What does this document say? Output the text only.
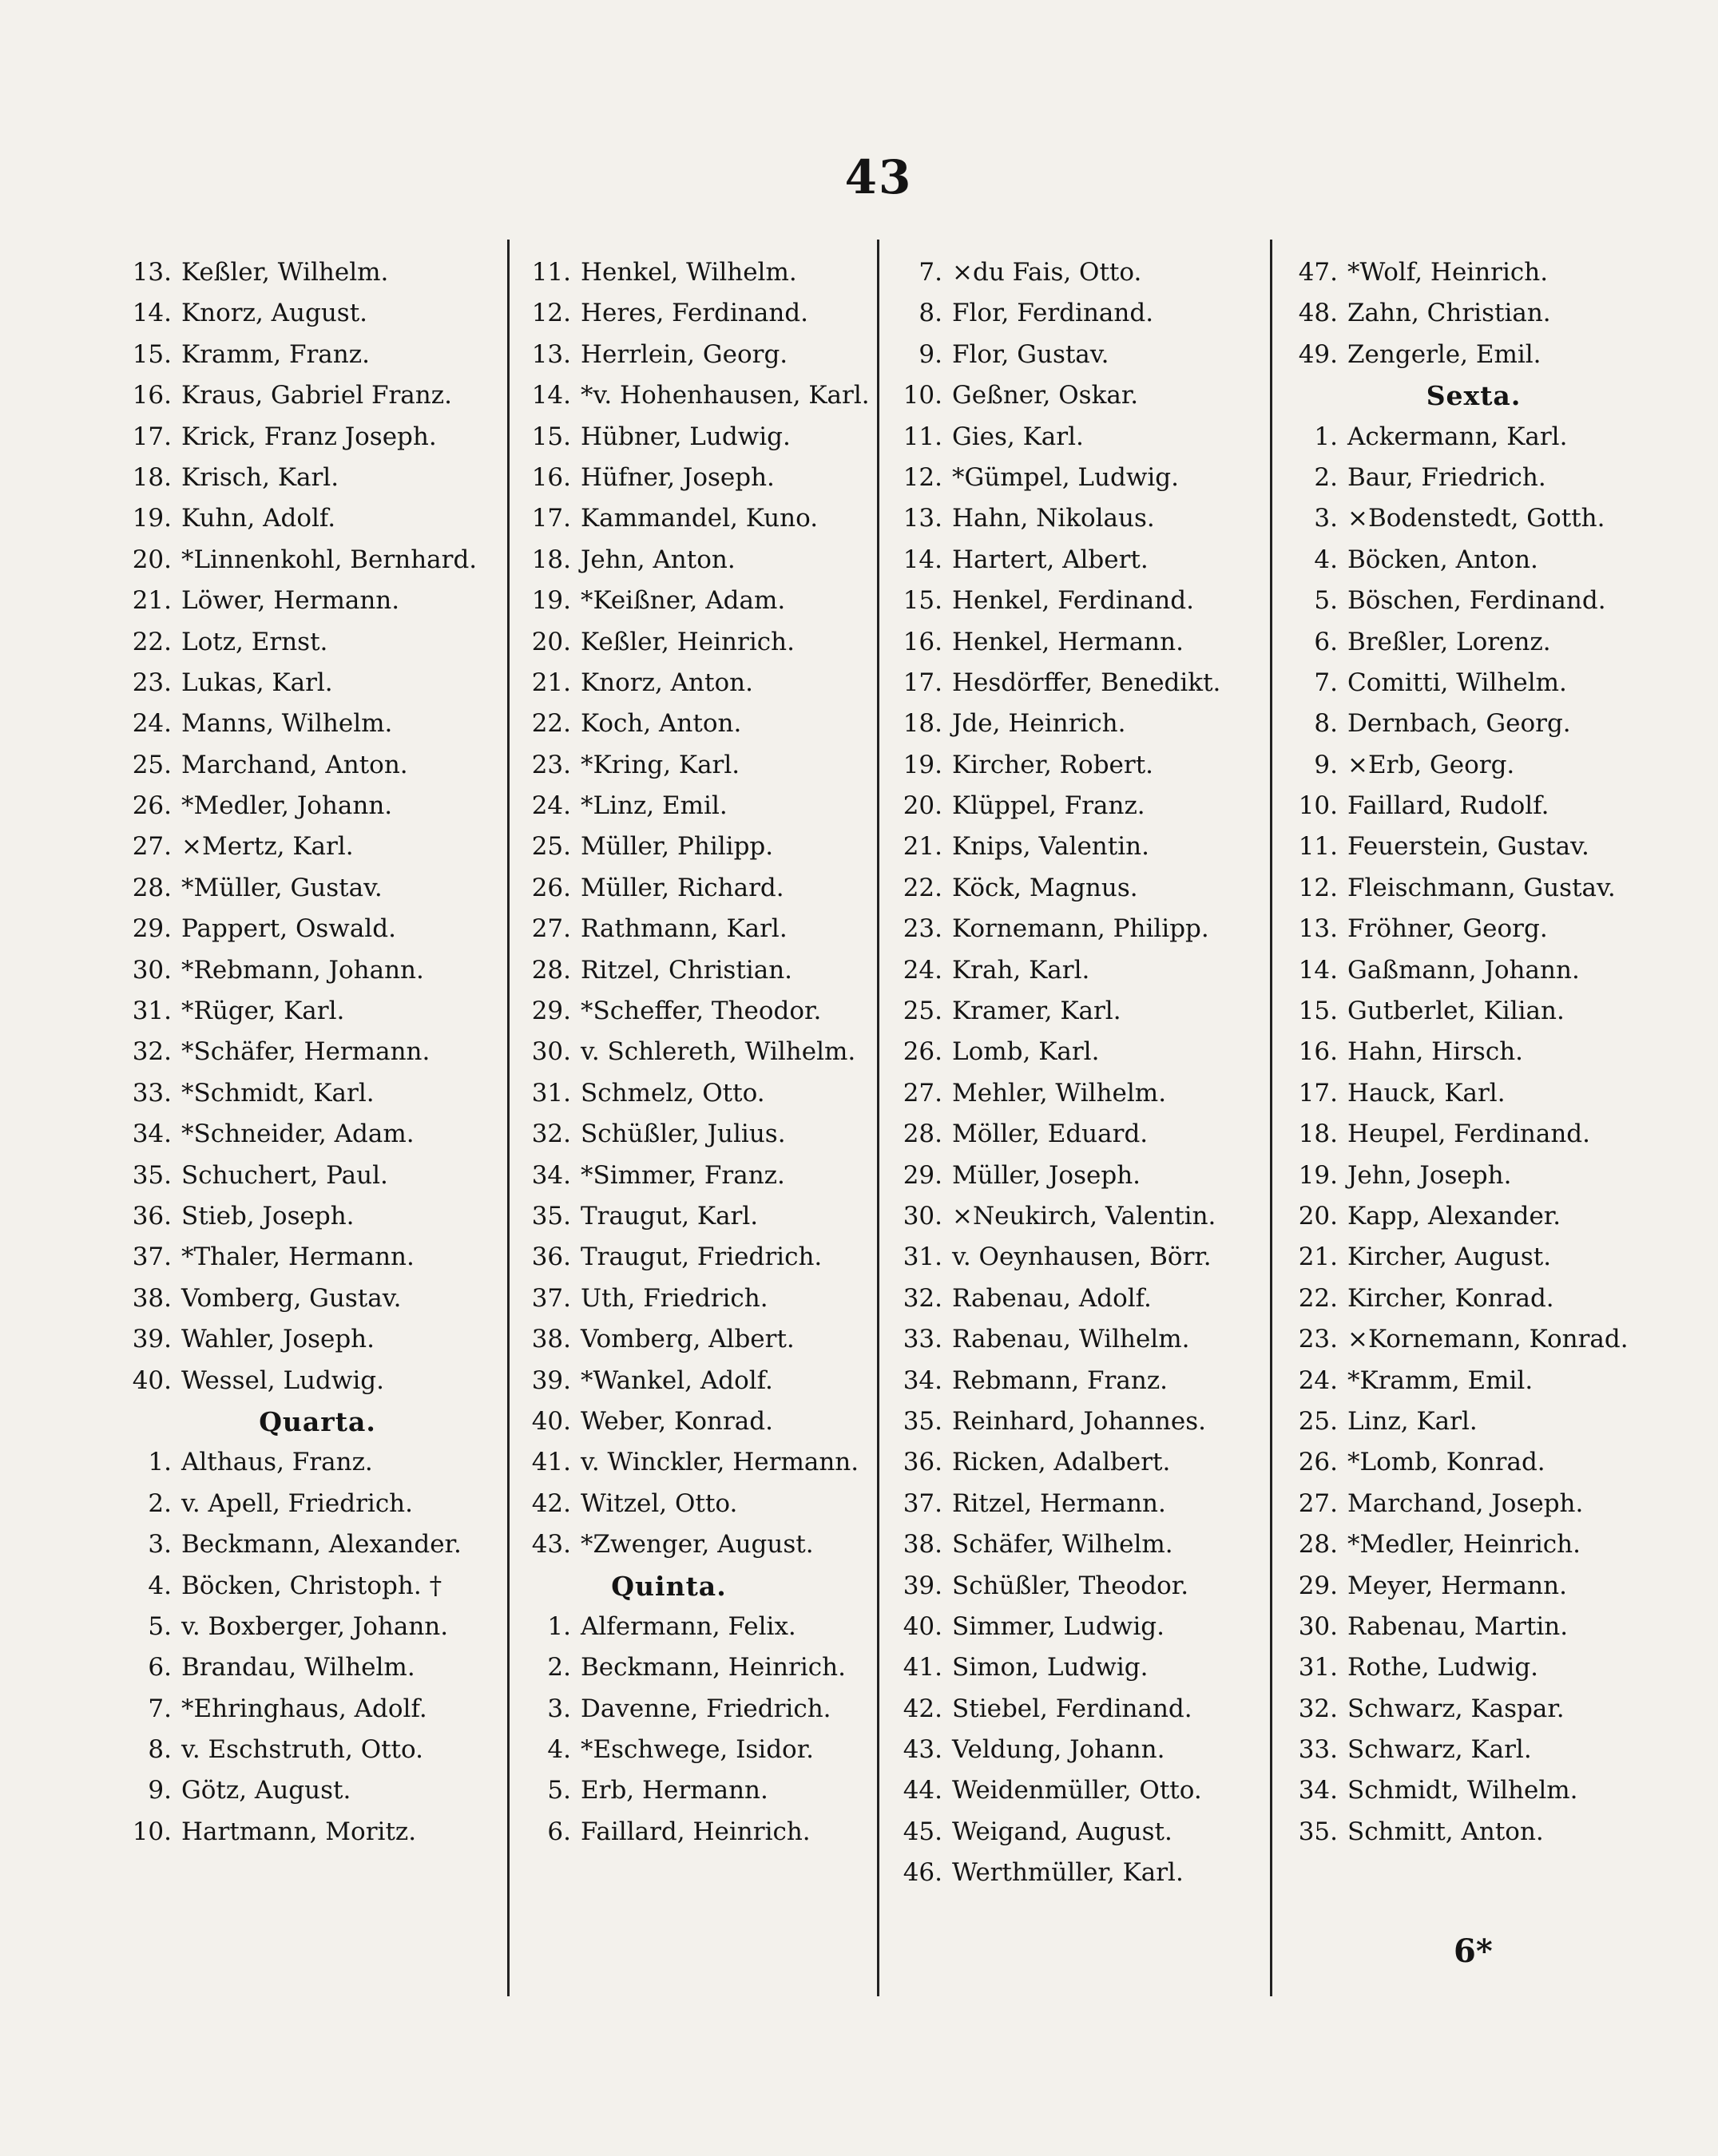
43
13. Keßler, Wilhelm.
14. Knorz, August.
15. Kramm, Franz.
16. Kraus, Gabriel Franz.
17. Krick, Franz Joseph.
18. Krisch, Karl.
19. Kuhn, Adolf.
20. *Linnenkohl, Bernhard.
21. Löwer, Hermann.
22. Lotz, Ernst.
23. Lukas, Karl.
24. Manns, Wilhelm.
25. Marchand, Anton.
26. *Medler, Johann.
27. ×Mertz, Karl.
28. *Müller, Gustav.
29. Pappert, Oswald.
30. *Rebmann, Johann.
31. *Rüger, Karl.
32. *Schäfer, Hermann.
33. *Schmidt, Karl.
34. *Schneider, Adam.
35. Schuchert, Paul.
36. Stieb, Joseph.
37. *Thaler, Hermann.
38. Vomberg, Gustav.
39. Wahler, Joseph.
40. Wessel, Ludwig.
Quarta.
1. Althaus, Franz.
2. v. Apell, Friedrich.
3. Beckmann, Alexander.
4. Böcken, Christoph. †
5. v. Boxberger, Johann.
6. Brandau, Wilhelm.
7. *Ehringhaus, Adolf.
8. v. Eschstruth, Otto.
9. Götz, August.
10. Hartmann, Moritz.
11. Henkel, Wilhelm.
12. Heres, Ferdinand.
13. Herrlein, Georg.
14. *v. Hohenhausen, Karl.
15. Hübner, Ludwig.
16. Hüfner, Joseph.
17. Kammandel, Kuno.
18. Jehn, Anton.
19. *Keißner, Adam.
20. Keßler, Heinrich.
21. Knorz, Anton.
22. Koch, Anton.
23. *Kring, Karl.
24. *Linz, Emil.
25. Müller, Philipp.
26. Müller, Richard.
27. Rathmann, Karl.
28. Ritzel, Christian.
29. *Scheffer, Theodor.
30. v. Schlereth, Wilhelm.
31. Schmelz, Otto.
32. Schüßler, Julius.
34. *Simmer, Franz.
35. Traugut, Karl.
36. Traugut, Friedrich.
37. Uth, Friedrich.
38. Vomberg, Albert.
39. *Wankel, Adolf.
40. Weber, Konrad.
41. v. Winckler, Hermann.
42. Witzel, Otto.
43. *Zwenger, August.
Quinta.
1. Alfermann, Felix.
2. Beckmann, Heinrich.
3. Davenne, Friedrich.
4. *Eschwege, Isidor.
5. Erb, Hermann.
6. Faillard, Heinrich.
7. ×du Fais, Otto.
8. Flor, Ferdinand.
9. Flor, Gustav.
10. Geßner, Oskar.
11. Gies, Karl.
12. *Gümpel, Ludwig.
13. Hahn, Nikolaus.
14. Hartert, Albert.
15. Henkel, Ferdinand.
16. Henkel, Hermann.
17. Hesdörffer, Benedikt.
18. Jde, Heinrich.
19. Kircher, Robert.
20. Klüppel, Franz.
21. Knips, Valentin.
22. Köck, Magnus.
23. Kornemann, Philipp.
24. Krah, Karl.
25. Kramer, Karl.
26. Lomb, Karl.
27. Mehler, Wilhelm.
28. Möller, Eduard.
29. Müller, Joseph.
30. ×Neukirch, Valentin.
31. v. Oeynhausen, Börr.
32. Rabenau, Adolf.
33. Rabenau, Wilhelm.
34. Rebmann, Franz.
35. Reinhard, Johannes.
36. Ricken, Adalbert.
37. Ritzel, Hermann.
38. Schäfer, Wilhelm.
39. Schüßler, Theodor.
40. Simmer, Ludwig.
41. Simon, Ludwig.
42. Stiebel, Ferdinand.
43. Veldung, Johann.
44. Weidenmüller, Otto.
45. Weigand, August.
46. Werthmüller, Karl.
47. *Wolf, Heinrich.
48. Zahn, Christian.
49. Zengerle, Emil.
Sexta.
1. Ackermann, Karl.
2. Baur, Friedrich.
3. ×Bodenstedt, Gotth.
4. Böcken, Anton.
5. Böschen, Ferdinand.
6. Breßler, Lorenz.
7. Comitti, Wilhelm.
8. Dernbach, Georg.
9. ×Erb, Georg.
10. Faillard, Rudolf.
11. Feuerstein, Gustav.
12. Fleischmann, Gustav.
13. Fröhner, Georg.
14. Gaßmann, Johann.
15. Gutberlet, Kilian.
16. Hahn, Hirsch.
17. Hauck, Karl.
18. Heupel, Ferdinand.
19. Jehn, Joseph.
20. Kapp, Alexander.
21. Kircher, August.
22. Kircher, Konrad.
23. ×Kornemann, Konrad.
24. *Kramm, Emil.
25. Linz, Karl.
26. *Lomb, Konrad.
27. Marchand, Joseph.
28. *Medler, Heinrich.
29. Meyer, Hermann.
30. Rabenau, Martin.
31. Rothe, Ludwig.
32. Schwarz, Kaspar.
33. Schwarz, Karl.
34. Schmidt, Wilhelm.
35. Schmitt, Anton.
6*
